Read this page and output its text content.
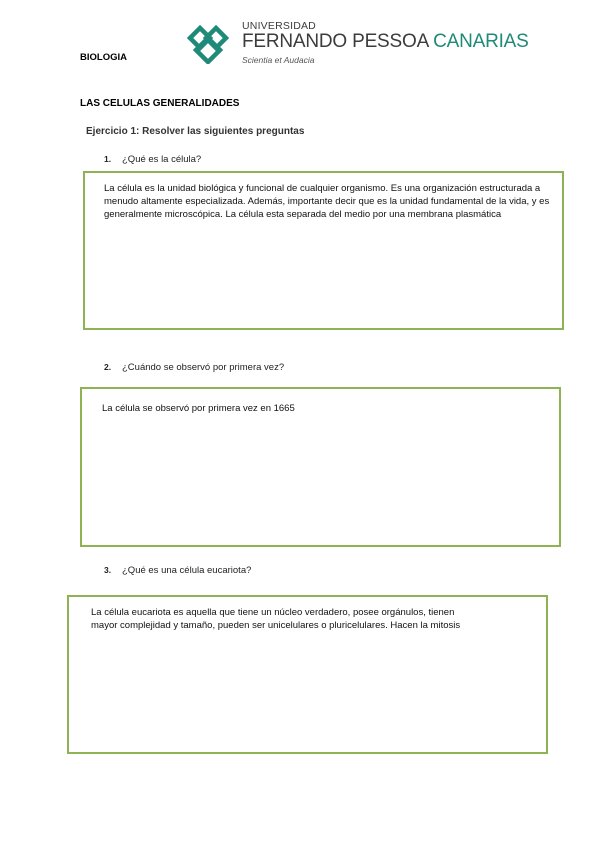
BIOLOGIA
UNIVERSIDAD
FERNANDO PESSOA CANARIAS
Scientia et Audacia
LAS CELULAS GENERALIDADES
Ejercicio 1: Resolver las siguientes preguntas
1. ¿Qué es la célula?
La célula es la unidad biológica y funcional de cualquier organismo. Es una organización estructurada a menudo altamente especializada. Además, importante decir que es la unidad fundamental de la vida, y es generalmente microscópica. La célula esta separada del medio por una membrana plasmática
2. ¿Cuándo se observó por primera vez?
La célula se observó por primera vez en 1665
3. ¿Qué es una célula eucariota?
La célula eucariota es aquella que tiene un núcleo verdadero, posee orgánulos, tienen mayor complejidad y tamaño, pueden ser unicelulares o pluricelulares. Hacen la mitosis
